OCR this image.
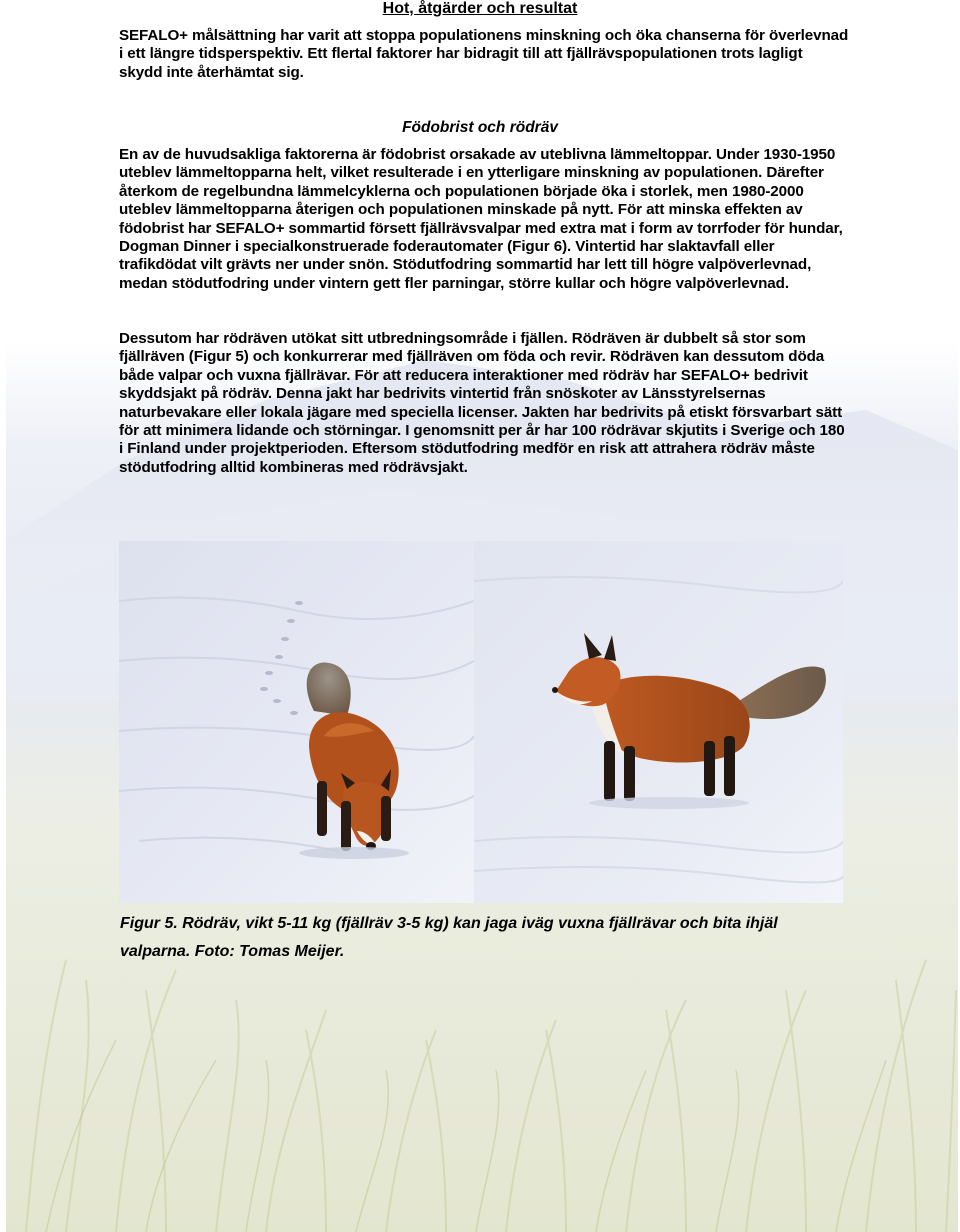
Hot, åtgärder och resultat
SEFALO+ målsättning har varit att stoppa populationens minskning och öka chanserna för överlevnad i ett längre tidsperspektiv. Ett flertal faktorer har bidragit till att fjällrävspopulationen trots lagligt skydd inte återhämtat sig.
Födobrist och rödräv
En av de huvudsakliga faktorerna är födobrist orsakade av uteblivna lämmeltoppar. Under 1930-1950 uteblev lämmeltopparna helt, vilket resulterade i en ytterligare minskning av populationen. Därefter återkom de regelbundna lämmelcyklerna och populationen började öka i storlek, men 1980-2000 uteblev lämmeltopparna återigen och populationen minskade på nytt. För att minska effekten av födobrist har SEFALO+ sommartid försett fjällrävsvalpar med extra mat i form av torrfoder för hundar, Dogman Dinner i specialkonstruerade foderautomater (Figur 6). Vintertid har slaktavfall eller trafikdödat vilt grävts ner under snön. Stödutfodring sommartid har lett till högre valpöverlevnad, medan stödutfodring under vintern gett fler parningar, större kullar och högre valpöverlevnad.
Dessutom har rödräven utökat sitt utbredningsområde i fjällen. Rödräven är dubbelt så stor som fjällräven (Figur 5) och konkurrerar med fjällräven om föda och revir. Rödräven kan dessutom döda både valpar och vuxna fjällrävar. För att reducera interaktioner med rödräv har SEFALO+ bedrivit skyddsjakt på rödräv. Denna jakt har bedrivits vintertid från snöskoter av Länsstyrelsernas naturbevakare eller lokala jägare med speciella licenser. Jakten har bedrivits på etiskt försvarbart sätt för att minimera lidande och störningar. I genomsnitt per år har 100 rödrävar skjutits i Sverige och 180 i Finland under projektperioden. Eftersom stödutfodring medför en risk att attrahera rödräv måste stödutfodring alltid kombineras med rödrävsjakt.
Figur 5. Rödräv, vikt 5-11 kg (fjällräv 3-5 kg) kan jaga iväg vuxna fjällrävar och bita ihjäl valparna. Foto: Tomas Meijer.
